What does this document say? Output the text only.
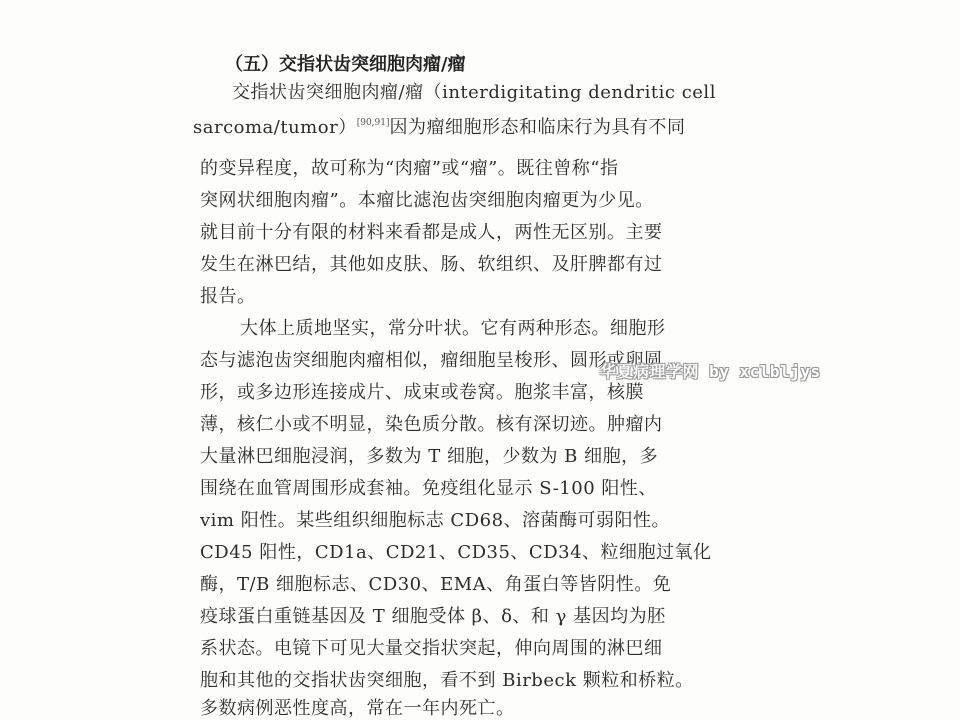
（五）交指状齿突细胞肉瘤/瘤
交指状齿突细胞肉瘤/瘤（interdigitating dendritic cell
sarcoma/tumor）[90,91]因为瘤细胞形态和临床行为具有不同
的变异程度，故可称为“肉瘤”或“瘤”。既往曾称“指
突网状细胞肉瘤”。本瘤比滤泡齿突细胞肉瘤更为少见。
就目前十分有限的材料来看都是成人，两性无区别。主要
发生在淋巴结，其他如皮肤、肠、软组织、及肝脾都有过
报告。
大体上质地坚实，常分叶状。它有两种形态。细胞形
态与滤泡齿突细胞肉瘤相似，瘤细胞呈梭形、圆形或卵圆
形，或多边形连接成片、成束或卷窝。胞浆丰富，核膜
薄，核仁小或不明显，染色质分散。核有深切迹。肿瘤内
大量淋巴细胞浸润，多数为 T 细胞，少数为 B 细胞，多
围绕在血管周围形成套袖。免疫组化显示 S-100 阳性、
vim 阳性。某些组织细胞标志 CD68、溶菌酶可弱阳性。
CD45 阳性，CD1a、CD21、CD35、CD34、粒细胞过氧化
酶，T/B 细胞标志、CD30、EMA、角蛋白等皆阴性。免
疫球蛋白重链基因及 T 细胞受体 β、δ、和 γ 基因均为胚
系状态。电镜下可见大量交指状突起，伸向周围的淋巴细
胞和其他的交指状齿突细胞，看不到 Birbeck 颗粒和桥粒。
多数病例恶性度高，常在一年内死亡。
华夏病理学网 by xclbljys
